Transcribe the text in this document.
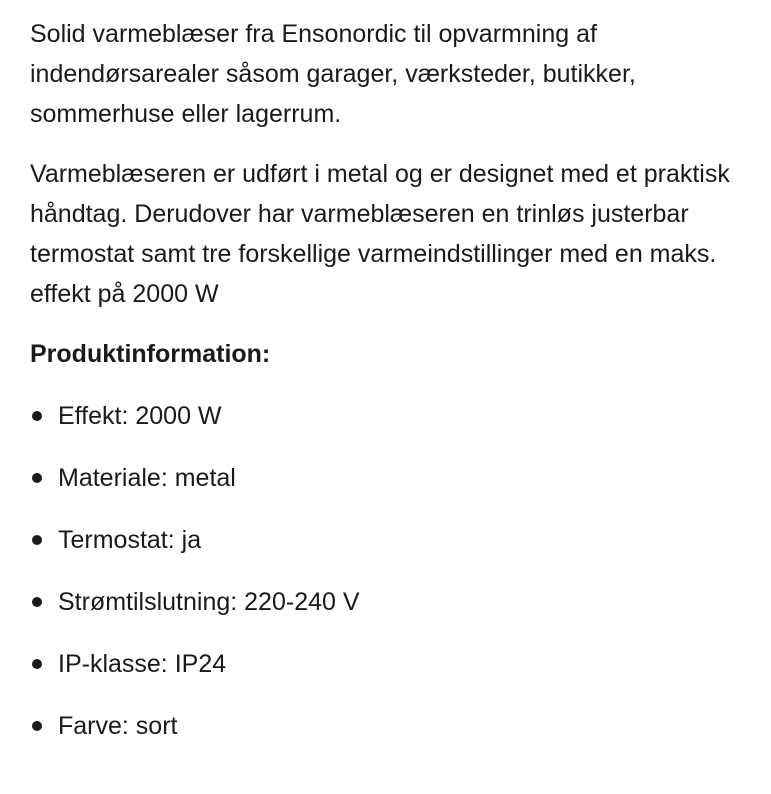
Solid varmeblæser fra Ensonordic til opvarmning af indendørsarealer såsom garager, værksteder, butikker, sommerhuse eller lagerrum.

Varmeblæseren er udført i metal og er designet med et praktisk håndtag. Derudover har varmeblæseren en trinløs justerbar termostat samt tre forskellige varmeindstillinger med en maks. effekt på 2000 W

Produktinformation:
Effekt: 2000 W
Materiale: metal
Termostat: ja
Strømtilslutning: 220-240 V
IP-klasse: IP24
Farve: sort
